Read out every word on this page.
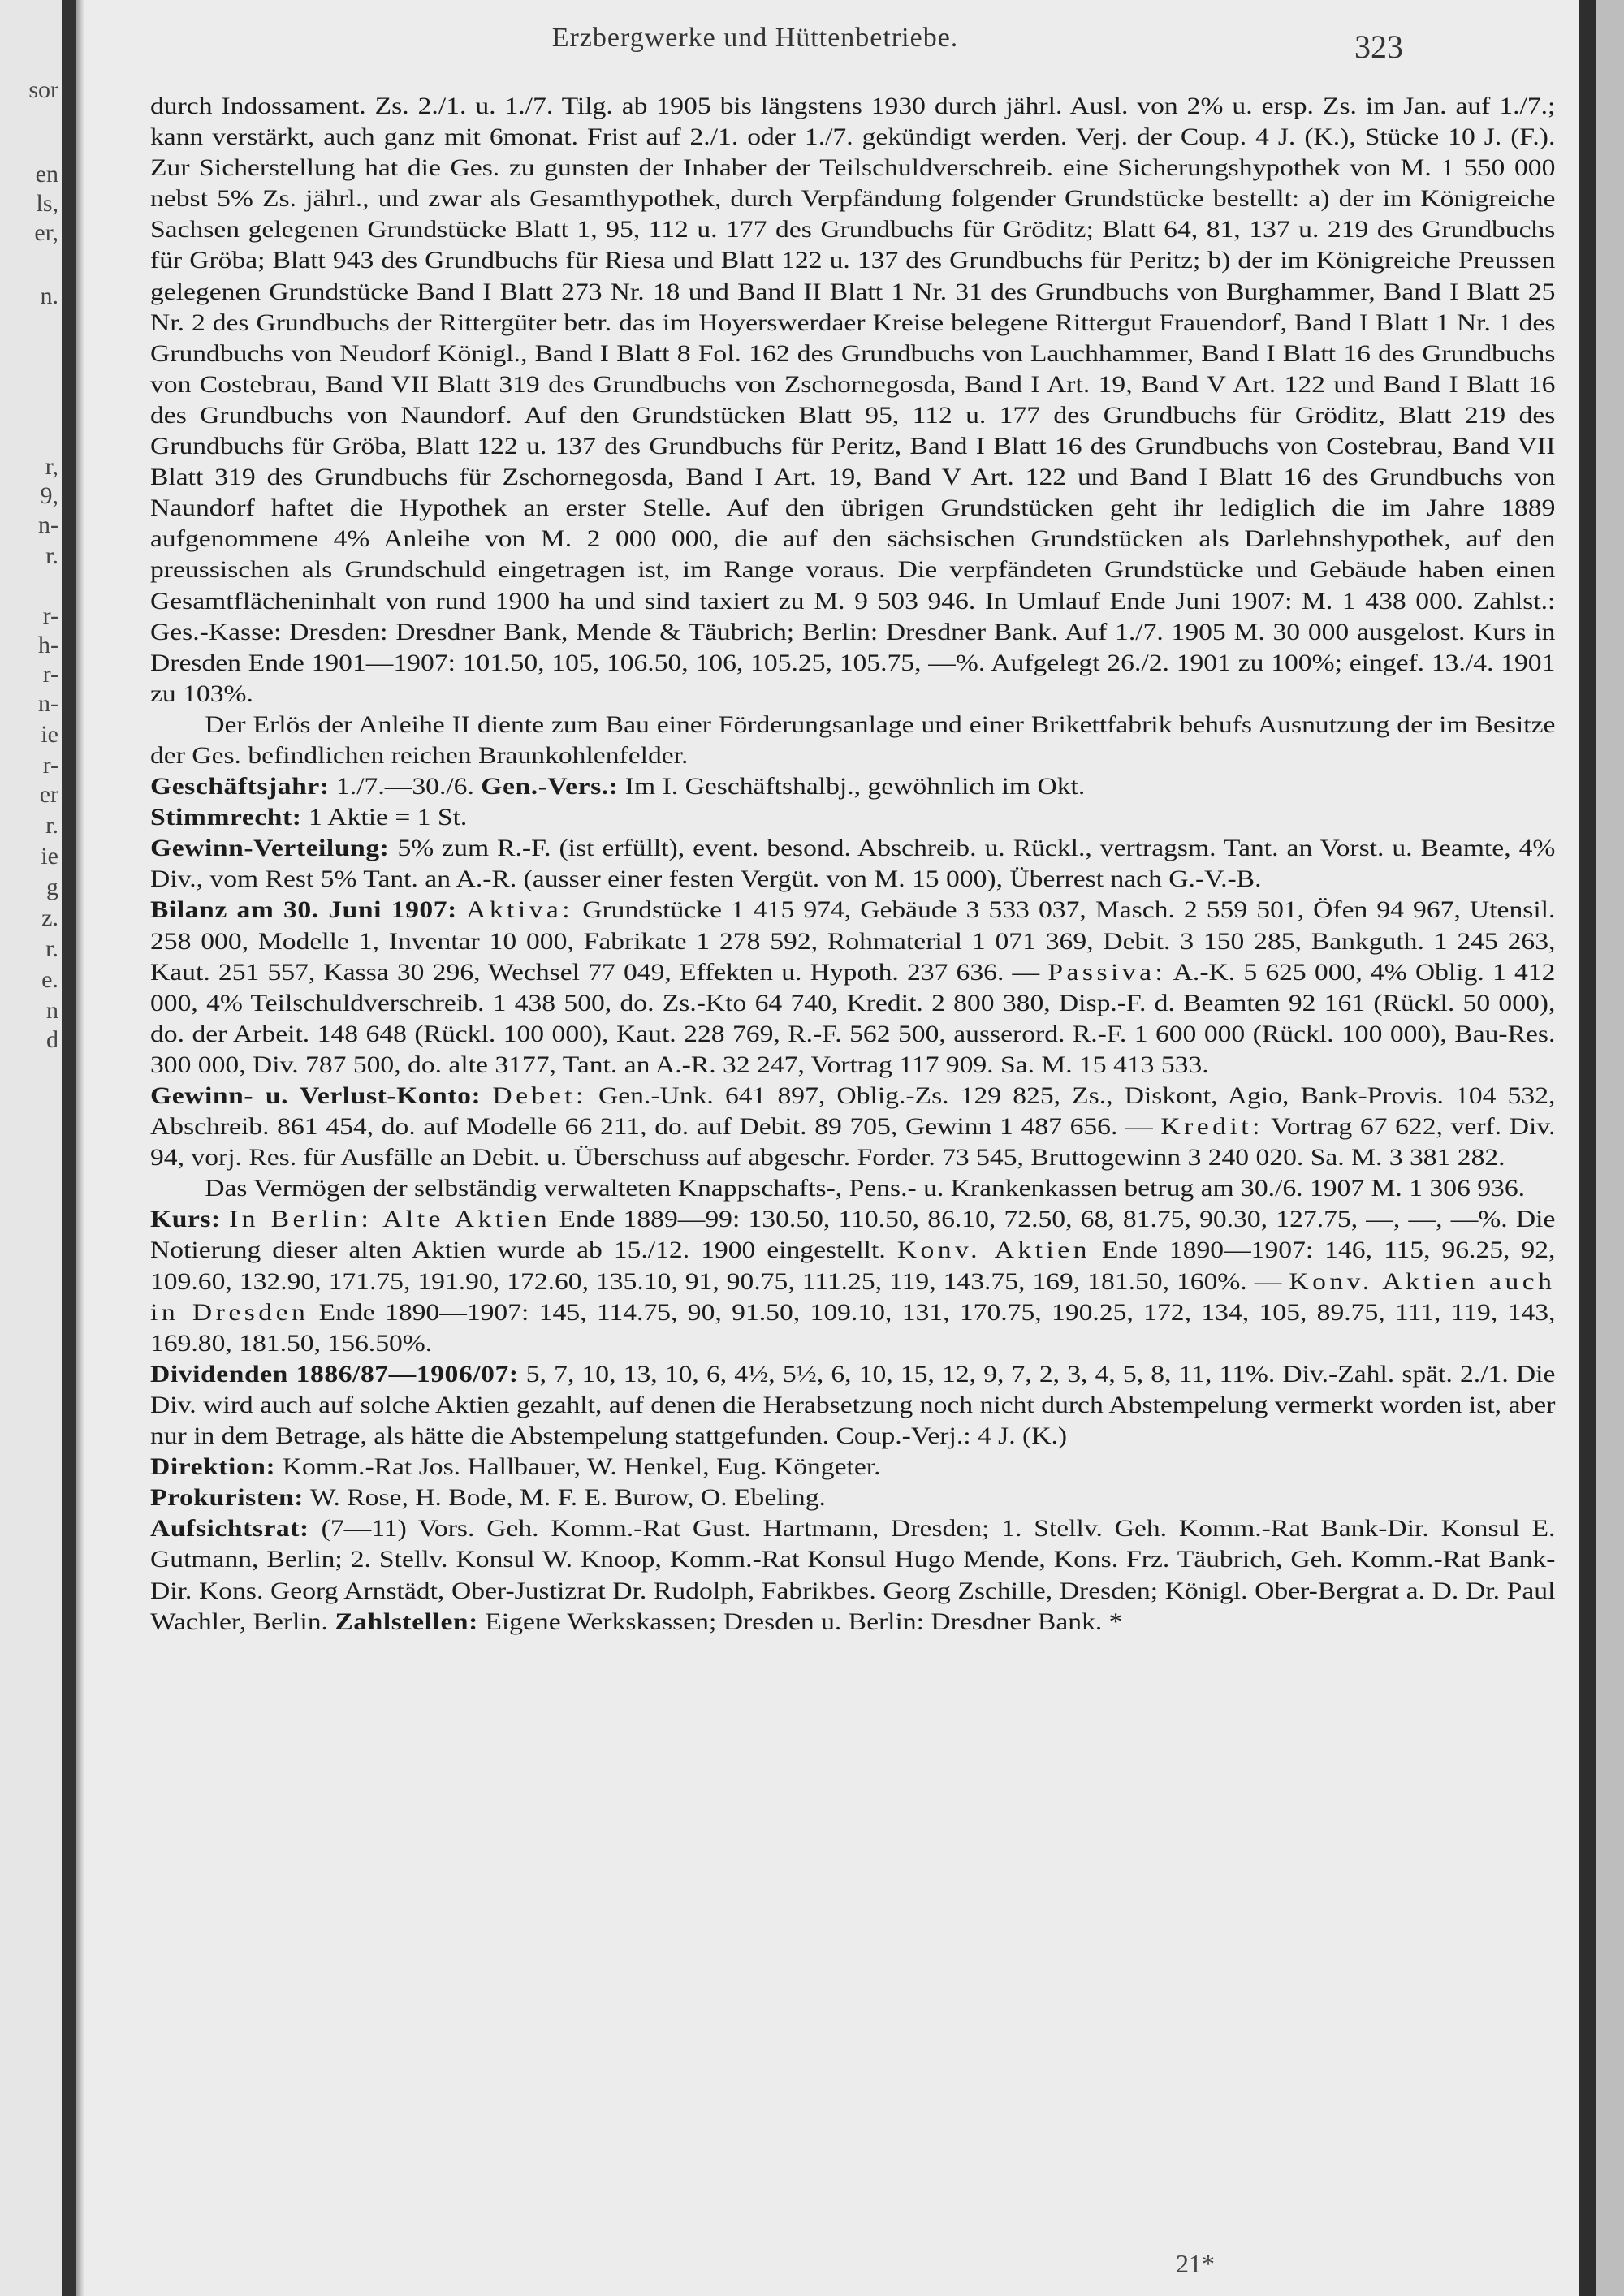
sor
en
ls,
er,
n.
r,
9,
n-
r.
r-
h-
r-
n-
ie
r-
er
r.
ie
g
z.
r.
e.
n
d
Erzbergwerke und Hüttenbetriebe.	323

durch Indossament. Zs. 2./1. u. 1./7. Tilg. ab 1905 bis längstens 1930 durch jährl. Ausl. von 2% u. ersp. Zs. im Jan. auf 1./7.; kann verstärkt, auch ganz mit 6monat. Frist auf 2./1. oder 1./7. gekündigt werden. Verj. der Coup. 4 J. (K.), Stücke 10 J. (F.). Zur Sicherstellung hat die Ges. zu gunsten der Inhaber der Teilschuldverschreib. eine Sicherungshypothek von M. 1 550 000 nebst 5% Zs. jährl., und zwar als Gesamthypothek, durch Verpfändung folgender Grundstücke bestellt: a) der im Königreiche Sachsen gelegenen Grundstücke Blatt 1, 95, 112 u. 177 des Grundbuchs für Gröditz; Blatt 64, 81, 137 u. 219 des Grundbuchs für Gröba; Blatt 943 des Grundbuchs für Riesa und Blatt 122 u. 137 des Grundbuchs für Peritz; b) der im Königreiche Preussen gelegenen Grundstücke Band I Blatt 273 Nr. 18 und Band II Blatt 1 Nr. 31 des Grundbuchs von Burghammer, Band I Blatt 25 Nr. 2 des Grundbuchs der Rittergüter betr. das im Hoyerswerdaer Kreise belegene Rittergut Frauendorf, Band I Blatt 1 Nr. 1 des Grundbuchs von Neudorf Königl., Band I Blatt 8 Fol. 162 des Grundbuchs von Lauchhammer, Band I Blatt 16 des Grundbuchs von Costebrau, Band VII Blatt 319 des Grundbuchs von Zschornegosda, Band I Art. 19, Band V Art. 122 und Band I Blatt 16 des Grundbuchs von Naundorf. Auf den Grundstücken Blatt 95, 112 u. 177 des Grundbuchs für Gröditz, Blatt 219 des Grundbuchs für Gröba, Blatt 122 u. 137 des Grundbuchs für Peritz, Band I Blatt 16 des Grundbuchs von Costebrau, Band VII Blatt 319 des Grundbuchs für Zschornegosda, Band I Art. 19, Band V Art. 122 und Band I Blatt 16 des Grundbuchs von Naundorf haftet die Hypothek an erster Stelle. Auf den übrigen Grundstücken geht ihr lediglich die im Jahre 1889 aufgenommene 4% Anleihe von M. 2 000 000, die auf den sächsischen Grundstücken als Darlehnshypothek, auf den preussischen als Grundschuld eingetragen ist, im Range voraus. Die verpfändeten Grundstücke und Gebäude haben einen Gesamtflächeninhalt von rund 1900 ha und sind taxiert zu M. 9 503 946. In Umlauf Ende Juni 1907: M. 1 438 000. Zahlst.: Ges.-Kasse: Dresden: Dresdner Bank, Mende & Täubrich; Berlin: Dresdner Bank. Auf 1./7. 1905 M. 30 000 ausgelost. Kurs in Dresden Ende 1901—1907: 101.50, 105, 106.50, 106, 105.25, 105.75, —%. Aufgelegt 26./2. 1901 zu 100%; eingef. 13./4. 1901 zu 103%.

Der Erlös der Anleihe II diente zum Bau einer Förderungsanlage und einer Brikettfabrik behufs Ausnutzung der im Besitze der Ges. befindlichen reichen Braunkohlenfelder.

Geschäftsjahr: 1./7.—30./6. Gen.-Vers.: Im I. Geschäftshalbj., gewöhnlich im Okt.

Stimmrecht: 1 Aktie = 1 St.

Gewinn-Verteilung: 5% zum R.-F. (ist erfüllt), event. besond. Abschreib. u. Rückl., vertragsm. Tant. an Vorst. u. Beamte, 4% Div., vom Rest 5% Tant. an A.-R. (ausser einer festen Vergüt. von M. 15 000), Überrest nach G.-V.-B.

Bilanz am 30. Juni 1907: Aktiva: Grundstücke 1 415 974, Gebäude 3 533 037, Masch. 2 559 501, Öfen 94 967, Utensil. 258 000, Modelle 1, Inventar 10 000, Fabrikate 1 278 592, Rohmaterial 1 071 369, Debit. 3 150 285, Bankguth. 1 245 263, Kaut. 251 557, Kassa 30 296, Wechsel 77 049, Effekten u. Hypoth. 237 636. — Passiva: A.-K. 5 625 000, 4% Oblig. 1 412 000, 4% Teilschuldverschreib. 1 438 500, do. Zs.-Kto 64 740, Kredit. 2 800 380, Disp.-F. d. Beamten 92 161 (Rückl. 50 000), do. der Arbeit. 148 648 (Rückl. 100 000), Kaut. 228 769, R.-F. 562 500, ausserord. R.-F. 1 600 000 (Rückl. 100 000), Bau-Res. 300 000, Div. 787 500, do. alte 3177, Tant. an A.-R. 32 247, Vortrag 117 909. Sa. M. 15 413 533.

Gewinn- u. Verlust-Konto: Debet: Gen.-Unk. 641 897, Oblig.-Zs. 129 825, Zs., Diskont, Agio, Bank-Provis. 104 532, Abschreib. 861 454, do. auf Modelle 66 211, do. auf Debit. 89 705, Gewinn 1 487 656. — Kredit: Vortrag 67 622, verf. Div. 94, vorj. Res. für Ausfälle an Debit. u. Überschuss auf abgeschr. Forder. 73 545, Bruttogewinn 3 240 020. Sa. M. 3 381 282.

Das Vermögen der selbständig verwalteten Knappschafts-, Pens.- u. Krankenkassen betrug am 30./6. 1907 M. 1 306 936.

Kurs: In Berlin: Alte Aktien Ende 1889—99: 130.50, 110.50, 86.10, 72.50, 68, 81.75, 90.30, 127.75, —, —, —%. Die Notierung dieser alten Aktien wurde ab 15./12. 1900 eingestellt. Konv. Aktien Ende 1890—1907: 146, 115, 96.25, 92, 109.60, 132.90, 171.75, 191.90, 172.60, 135.10, 91, 90.75, 111.25, 119, 143.75, 169, 181.50, 160%. — Konv. Aktien auch in Dresden Ende 1890—1907: 145, 114.75, 90, 91.50, 109.10, 131, 170.75, 190.25, 172, 134, 105, 89.75, 111, 119, 143, 169.80, 181.50, 156.50%.

Dividenden 1886/87—1906/07: 5, 7, 10, 13, 10, 6, 4½, 5½, 6, 10, 15, 12, 9, 7, 2, 3, 4, 5, 8, 11, 11%. Div.-Zahl. spät. 2./1. Die Div. wird auch auf solche Aktien gezahlt, auf denen die Herabsetzung noch nicht durch Abstempelung vermerkt worden ist, aber nur in dem Betrage, als hätte die Abstempelung stattgefunden. Coup.-Verj.: 4 J. (K.)

Direktion: Komm.-Rat Jos. Hallbauer, W. Henkel, Eug. Köngeter.

Prokuristen: W. Rose, H. Bode, M. F. E. Burow, O. Ebeling.

Aufsichtsrat: (7—11) Vors. Geh. Komm.-Rat Gust. Hartmann, Dresden; 1. Stellv. Geh. Komm.-Rat Bank-Dir. Konsul E. Gutmann, Berlin; 2. Stellv. Konsul W. Knoop, Komm.-Rat Konsul Hugo Mende, Kons. Frz. Täubrich, Geh. Komm.-Rat Bank-Dir. Kons. Georg Arnstädt, Ober-Justizrat Dr. Rudolph, Fabrikbes. Georg Zschille, Dresden; Königl. Ober-Bergrat a. D. Dr. Paul Wachler, Berlin. Zahlstellen: Eigene Werkskassen; Dresden u. Berlin: Dresdner Bank. *

21*
